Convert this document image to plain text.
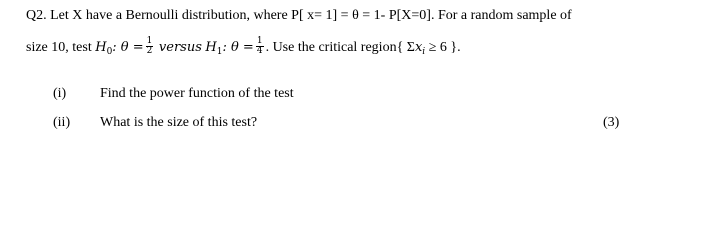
Q2. Let X have a Bernoulli distribution, where P[ x= 1] = θ = 1- P[X=0]. For a random sample of
size 10, test $H_0$: $\theta = \frac{1}{2}$ versus $H_1$: $\theta = \frac{1}{4}$ . Use the critical region{ $\Sigma x_i \ge 6$ }.
(i) Find the power function of the test
(ii) What is the size of this test?	(3)
